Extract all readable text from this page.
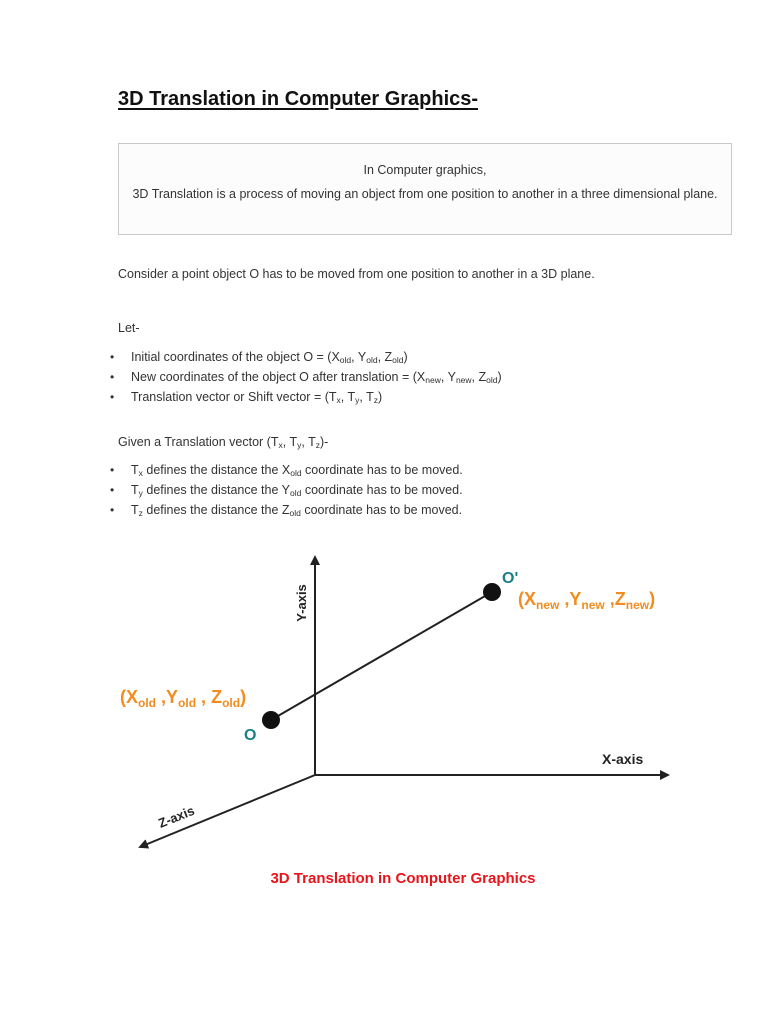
3D Translation in Computer Graphics-

In Computer graphics,

3D Translation is a process of moving an object from one position to another in a three dimensional plane.

Consider a point object O has to be moved from one position to another in a 3D plane.

Let-

• Initial coordinates of the object $O = (X_{old}$, $Y_{old}$, $Z_{old}$)
• New coordinates of the object O after translation = ($X_{new}$, $Y_{new}$, $Z_{old}$)
• Translation vector or Shift vector = ($T_x$, $T_y$, $T_z$)

Given a Translation vector ($T_x$, $T_y$, $T_z)-$

• $T_x$ defines the distance the $X_{old}$ coordinate has to be moved.
• $T_y$ defines the distance the $Y_{old}$ coordinate has to be moved.
• $T_z$ defines the distance the $Z_{old}$ coordinate has to be moved.
Y-axis
X-axis
Z-axis
O
O'
($X_{old}$ $,Y_{old}$ , $Z_{old}$)
($X_{new}$ $,Y_{new}$ $,Z_{new}$)
3D Translation in Computer Graphics
